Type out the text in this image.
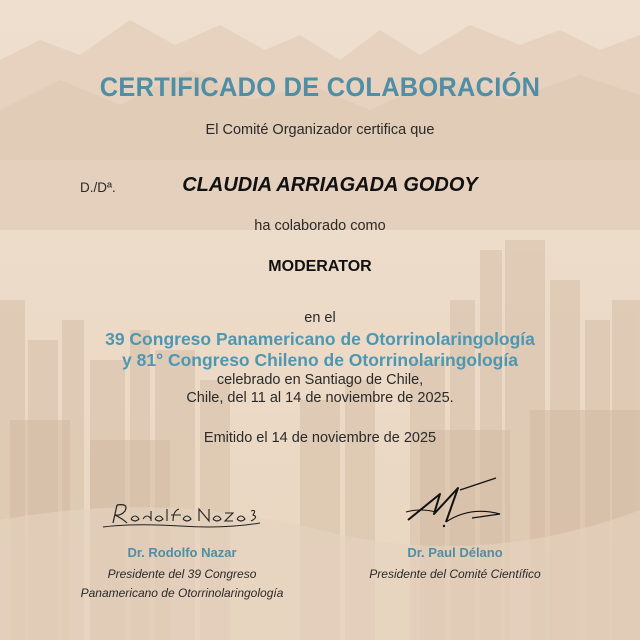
CERTIFICADO DE COLABORACIÓN

El Comité Organizador certifica que

D./Dª.	CLAUDIA ARRIAGADA GODOY

ha colaborado como

MODERATOR

en el

39 Congreso Panamericano de Otorrinolaringología

y 81° Congreso Chileno de Otorrinolaringología

celebrado en Santiago de Chile,

Chile, del 11 al 14 de noviembre de 2025.

Emitido el 14 de noviembre de 2025

Dr. Rodolfo Nazar

Presidente del 39 Congreso

Panamericano de Otorrinolaringología

Dr. Paul Délano

Presidente del Comité Científico
